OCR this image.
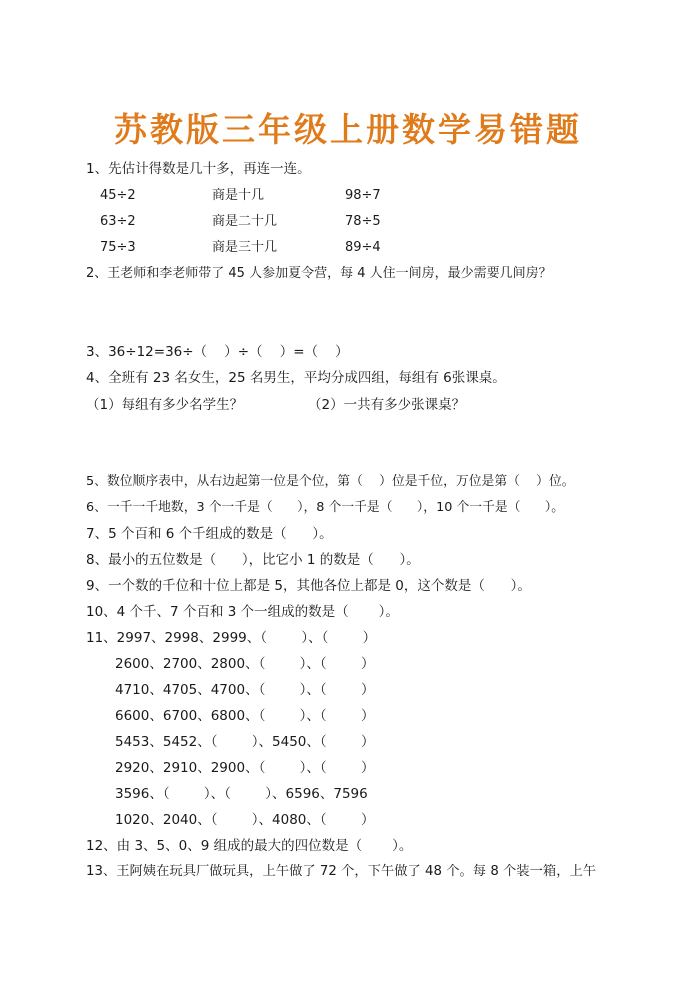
苏教版三年级上册数学易错题
1、先估计得数是几十多，再连一连。
45÷2	商是十几	98÷7
63÷2	商是二十几	78÷5
75÷3	商是三十几	89÷4
2、王老师和李老师带了 45 人参加夏令营，每 4 人住一间房，最少需要几间房？
3、36÷12=36÷（    ）÷（    ）=（    ）
4、全班有 23 名女生，25 名男生，平均分成四组，每组有 6张课桌。
（1）每组有多少名学生？	（2）一共有多少张课桌？
5、数位顺序表中，从右边起第一位是个位，第（    ）位是千位，万位是第（    ）位。
6、一千一千地数，3 个一千是（      ），8 个一千是（      ），10 个一千是（      ）。
7、5 个百和 6 个千组成的数是（      ）。
8、最小的五位数是（      ），比它小 1 的数是（      ）。
9、一个数的千位和十位上都是 5，其他各位上都是 0，这个数是（      ）。
10、4 个千、7 个百和 3 个一组成的数是（       ）。
11、2997、2998、2999、（        ）、（        ）
2600、2700、2800、（        ）、（        ）
4710、4705、4700、（        ）、（        ）
6600、6700、6800、（        ）、（        ）
5453、5452、（        ）、5450、（        ）
2920、2910、2900、（        ）、（        ）
3596、（        ）、（        ）、6596、7596
1020、2040、（        ）、4080、（        ）
12、由 3、5、0、9 组成的最大的四位数是（       ）。
13、王阿姨在玩具厂做玩具，上午做了 72 个，下午做了 48 个。每 8 个装一箱，上午
